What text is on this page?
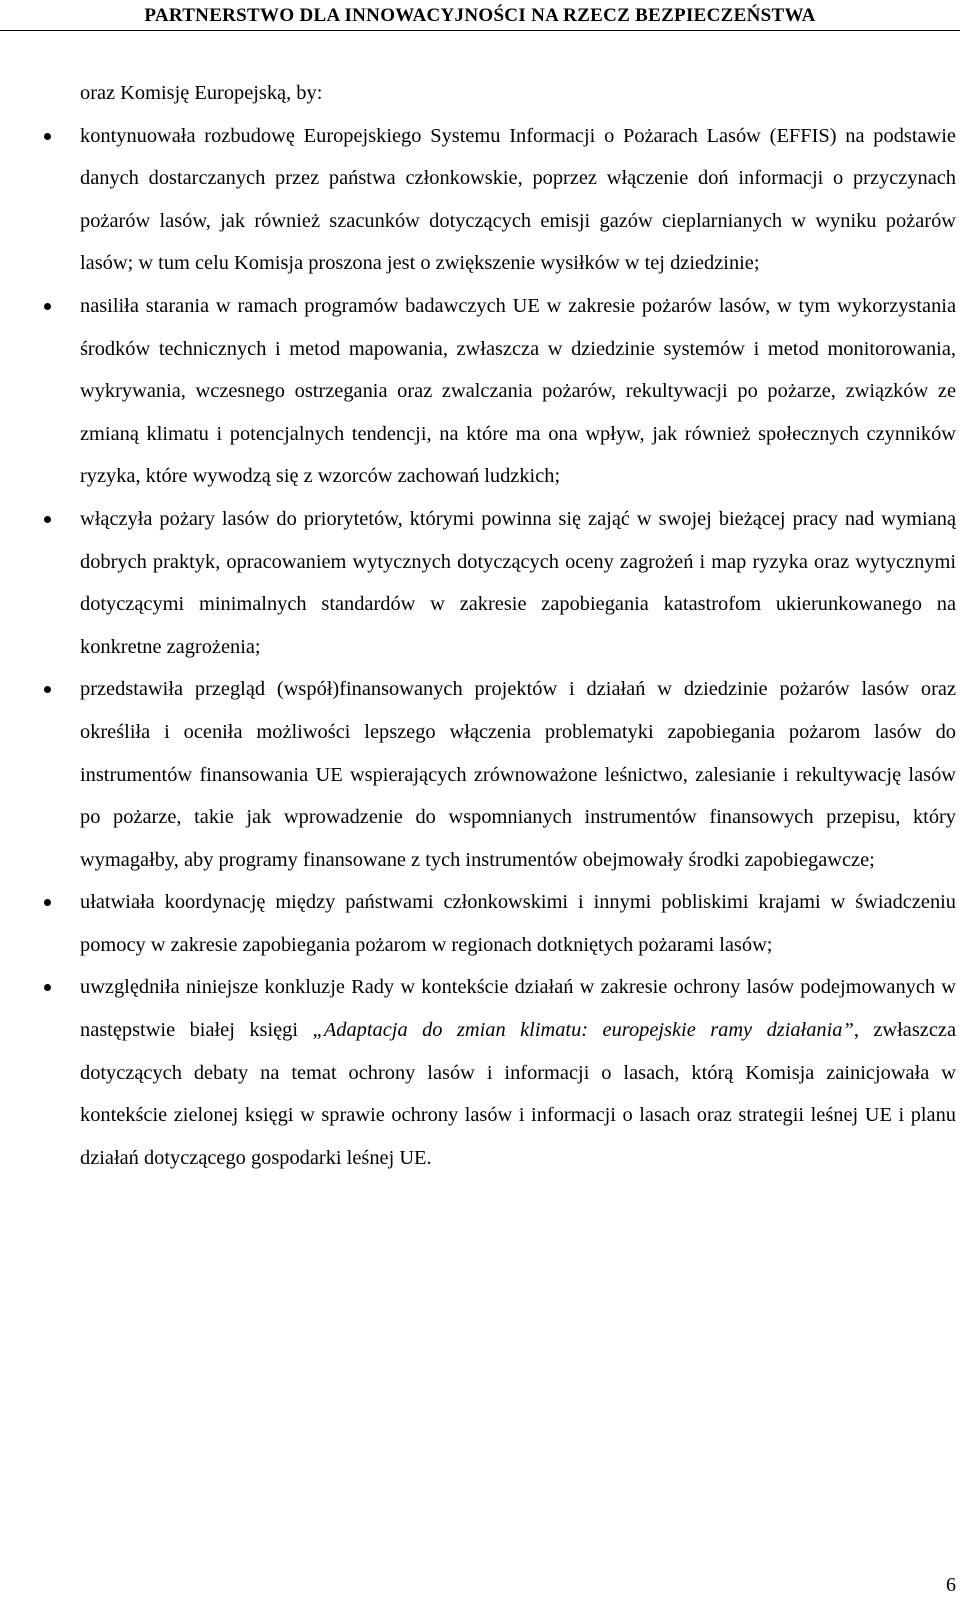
PARTNERSTWO DLA INNOWACYJNOŚCI NA RZECZ BEZPIECZEŃSTWA

oraz Komisję Europejską, by:

kontynuowała rozbudowę Europejskiego Systemu Informacji o Pożarach Lasów (EFFIS) na podstawie danych dostarczanych przez państwa członkowskie, poprzez włączenie doń informacji o przyczynach pożarów lasów, jak również szacunków dotyczących emisji gazów cieplarnianych w wyniku pożarów lasów; w tum celu Komisja proszona jest o zwiększenie wysiłków w tej dziedzinie;
nasiliła starania w ramach programów badawczych UE w zakresie pożarów lasów, w tym wykorzystania środków technicznych i metod mapowania, zwłaszcza w dziedzinie systemów i metod monitorowania, wykrywania, wczesnego ostrzegania oraz zwalczania pożarów, rekultywacji po pożarze, związków ze zmianą klimatu i potencjalnych tendencji, na które ma ona wpływ, jak również społecznych czynników ryzyka, które wywodzą się z wzorców zachowań ludzkich;
włączyła pożary lasów do priorytetów, którymi powinna się zająć w swojej bieżącej pracy nad wymianą dobrych praktyk, opracowaniem wytycznych dotyczących oceny zagrożeń i map ryzyka oraz wytycznymi dotyczącymi minimalnych standardów w zakresie zapobiegania katastrofom ukierunkowanego na konkretne zagrożenia;
przedstawiła przegląd (współ)finansowanych projektów i działań w dziedzinie pożarów lasów oraz określiła i oceniła możliwości lepszego włączenia problematyki zapobiegania pożarom lasów do instrumentów finansowania UE wspierających zrównoważone leśnictwo, zalesianie i rekultywację lasów po pożarze, takie jak wprowadzenie do wspomnianych instrumentów finansowych przepisu, który wymagałby, aby programy finansowane z tych instrumentów obejmowały środki zapobiegawcze;
ułatwiała koordynację między państwami członkowskimi i innymi pobliskimi krajami w świadczeniu pomocy w zakresie zapobiegania pożarom w regionach dotkniętych pożarami lasów;
uwzględniła niniejsze konkluzje Rady w kontekście działań w zakresie ochrony lasów podejmowanych w następstwie białej księgi „Adaptacja do zmian klimatu: europejskie ramy działania”, zwłaszcza dotyczących debaty na temat ochrony lasów i informacji o lasach, którą Komisja zainicjowała w kontekście zielonej księgi w sprawie ochrony lasów i informacji o lasach oraz strategii leśnej UE i planu działań dotyczącego gospodarki leśnej UE.
6
